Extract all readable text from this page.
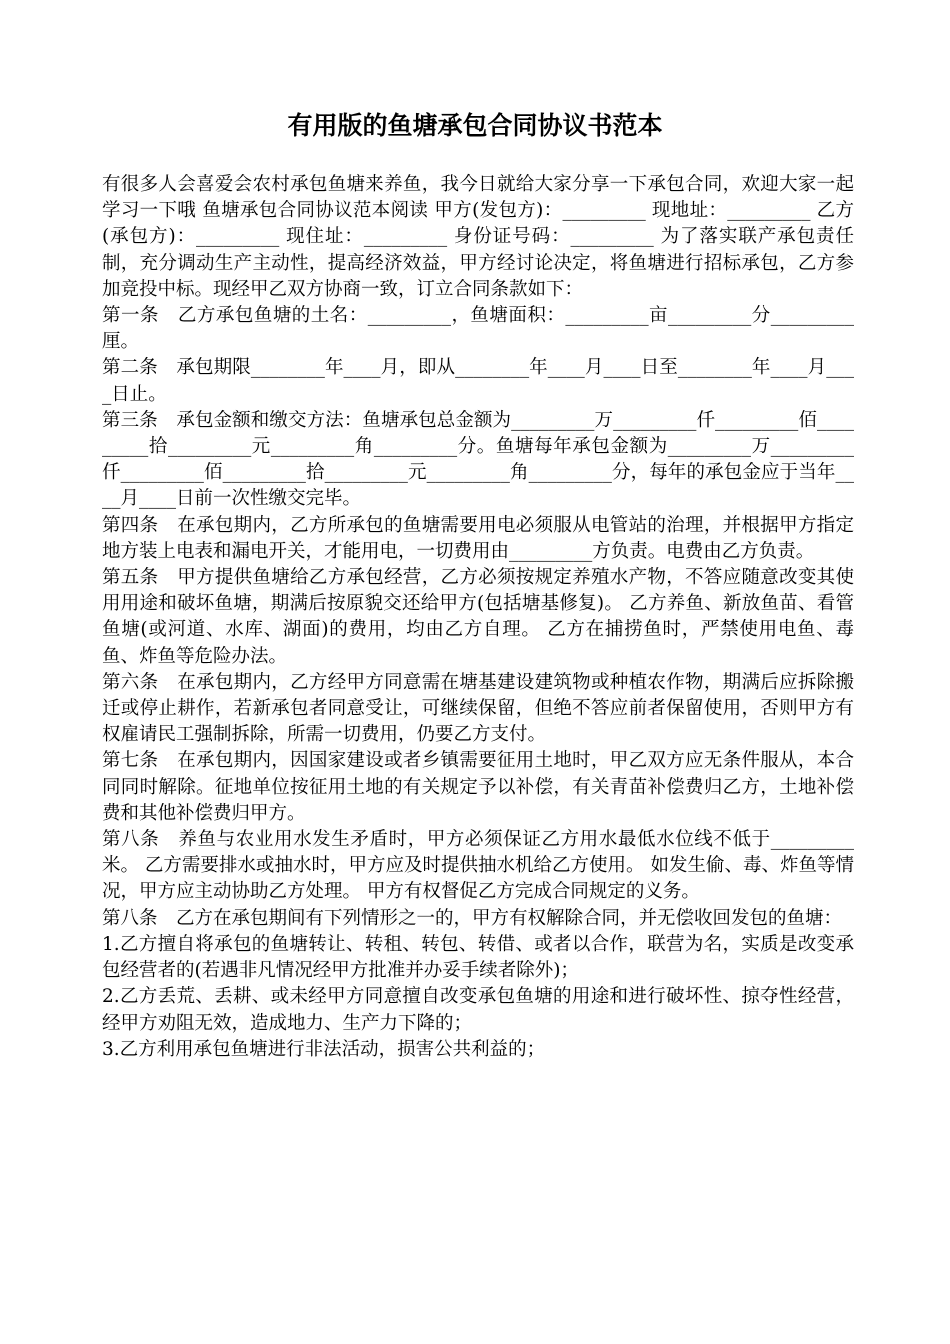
有用版的鱼塘承包合同协议书范本

有很多人会喜爱会农村承包鱼塘来养鱼，我今日就给大家分享一下承包合同，欢迎大家一起学习一下哦 鱼塘承包合同协议范本阅读 甲方(发包方)：_________ 现地址：_________ 乙方(承包方)：_________ 现住址：_________ 身份证号码：_________ 为了落实联产承包责任制，充分调动生产主动性，提高经济效益，甲方经讨论决定，将鱼塘进行招标承包，乙方参加竞投中标。现经甲乙双方协商一致，订立合同条款如下：

第一条　乙方承包鱼塘的土名：_________，鱼塘面积：_________亩_________分_________厘。

第二条　承包期限________年____月，即从________年____月____日至________年____月____日止。

第三条　承包金额和缴交方法：鱼塘承包总金额为_________万_________仟_________佰_________拾_________元_________角_________分。鱼塘每年承包金额为_________万_________仟_________佰_________拾_________元_________角_________分，每年的承包金应于当年____月____日前一次性缴交完毕。

第四条　在承包期内，乙方所承包的鱼塘需要用电必须服从电管站的治理，并根据甲方指定地方装上电表和漏电开关，才能用电，一切费用由_________方负责。电费由乙方负责。

第五条　甲方提供鱼塘给乙方承包经营，乙方必须按规定养殖水产物，不答应随意改变其使用用途和破坏鱼塘，期满后按原貌交还给甲方(包括塘基修复)。 乙方养鱼、新放鱼苗、看管鱼塘(或河道、水库、湖面)的费用，均由乙方自理。 乙方在捕捞鱼时，严禁使用电鱼、毒鱼、炸鱼等危险办法。

第六条　在承包期内，乙方经甲方同意需在塘基建设建筑物或种植农作物，期满后应拆除搬迁或停止耕作，若新承包者同意受让，可继续保留，但绝不答应前者保留使用，否则甲方有权雇请民工强制拆除，所需一切费用，仍要乙方支付。

第七条　在承包期内，因国家建设或者乡镇需要征用土地时，甲乙双方应无条件服从，本合同同时解除。征地单位按征用土地的有关规定予以补偿，有关青苗补偿费归乙方，土地补偿费和其他补偿费归甲方。

第八条　养鱼与农业用水发生矛盾时，甲方必须保证乙方用水最低水位线不低于_________米。 乙方需要排水或抽水时，甲方应及时提供抽水机给乙方使用。 如发生偷、毒、炸鱼等情况，甲方应主动协助乙方处理。 甲方有权督促乙方完成合同规定的义务。

第八条　乙方在承包期间有下列情形之一的，甲方有权解除合同，并无偿收回发包的鱼塘：

1.乙方擅自将承包的鱼塘转让、转租、转包、转借、或者以合作，联营为名，实质是改变承包经营者的(若遇非凡情况经甲方批准并办妥手续者除外)；

2.乙方丢荒、丢耕、或未经甲方同意擅自改变承包鱼塘的用途和进行破坏性、掠夺性经营，经甲方劝阻无效，造成地力、生产力下降的；

3.乙方利用承包鱼塘进行非法活动，损害公共利益的；
